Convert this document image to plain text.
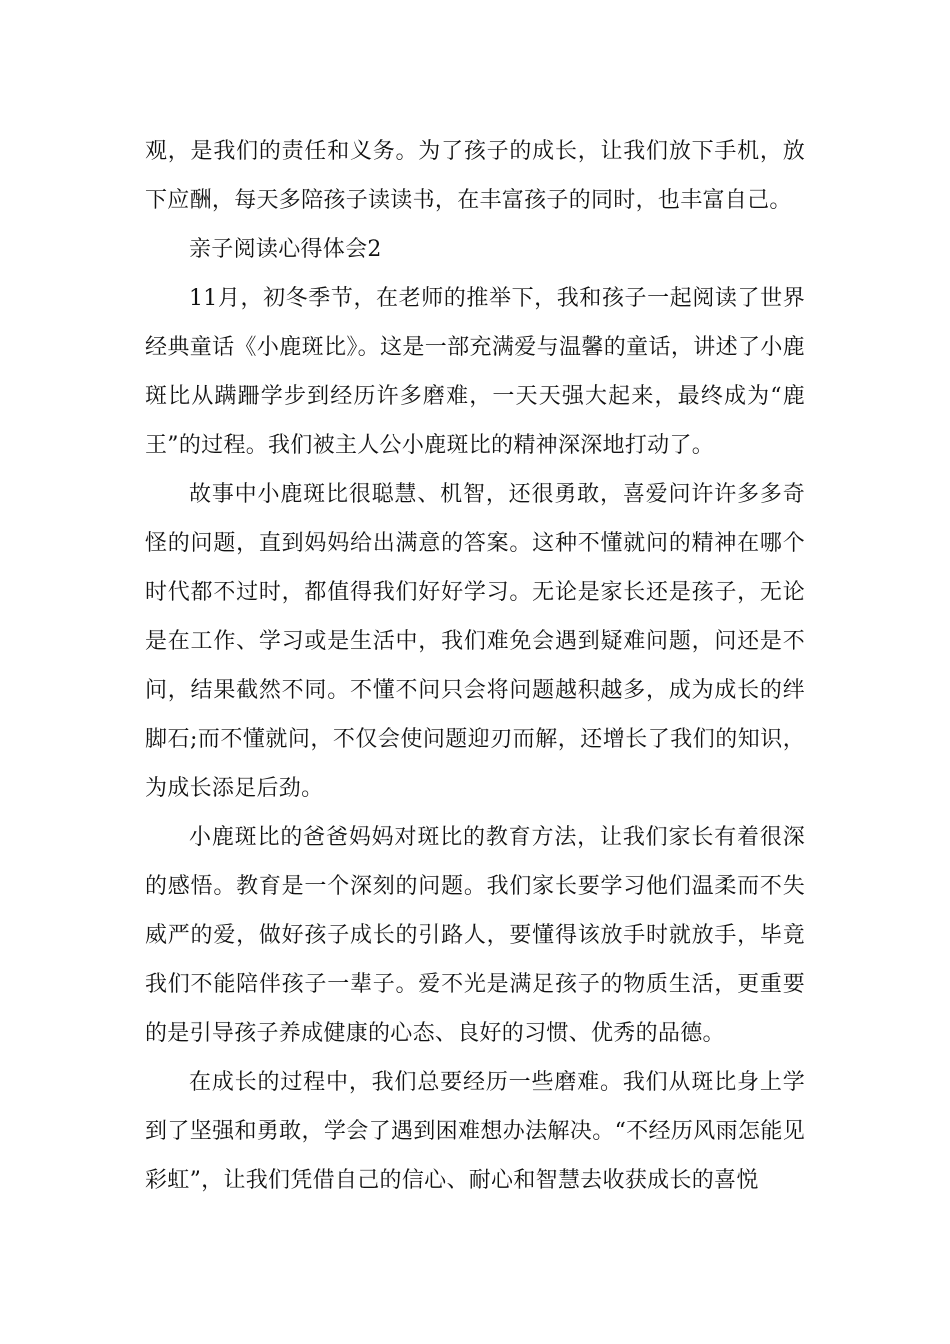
观，是我们的责任和义务。为了孩子的成长，让我们放下手机，放下应酬，每天多陪孩子读读书，在丰富孩子的同时，也丰富自己。

亲子阅读心得体会2

11月，初冬季节，在老师的推举下，我和孩子一起阅读了世界经典童话《小鹿斑比》。这是一部充满爱与温馨的童话，讲述了小鹿斑比从蹒跚学步到经历许多磨难，一天天强大起来，最终成为“鹿王”的过程。我们被主人公小鹿斑比的精神深深地打动了。

故事中小鹿斑比很聪慧、机智，还很勇敢，喜爱问许许多多奇怪的问题，直到妈妈给出满意的答案。这种不懂就问的精神在哪个时代都不过时，都值得我们好好学习。无论是家长还是孩子，无论是在工作、学习或是生活中，我们难免会遇到疑难问题，问还是不问，结果截然不同。不懂不问只会将问题越积越多，成为成长的绊脚石;而不懂就问，不仅会使问题迎刃而解，还增长了我们的知识，为成长添足后劲。

小鹿斑比的爸爸妈妈对斑比的教育方法，让我们家长有着很深的感悟。教育是一个深刻的问题。我们家长要学习他们温柔而不失威严的爱，做好孩子成长的引路人，要懂得该放手时就放手，毕竟我们不能陪伴孩子一辈子。爱不光是满足孩子的物质生活，更重要的是引导孩子养成健康的心态、良好的习惯、优秀的品德。

在成长的过程中，我们总要经历一些磨难。我们从斑比身上学到了坚强和勇敢，学会了遇到困难想办法解决。“不经历风雨怎能见彩虹”，让我们凭借自己的信心、耐心和智慧去收获成长的喜悦
